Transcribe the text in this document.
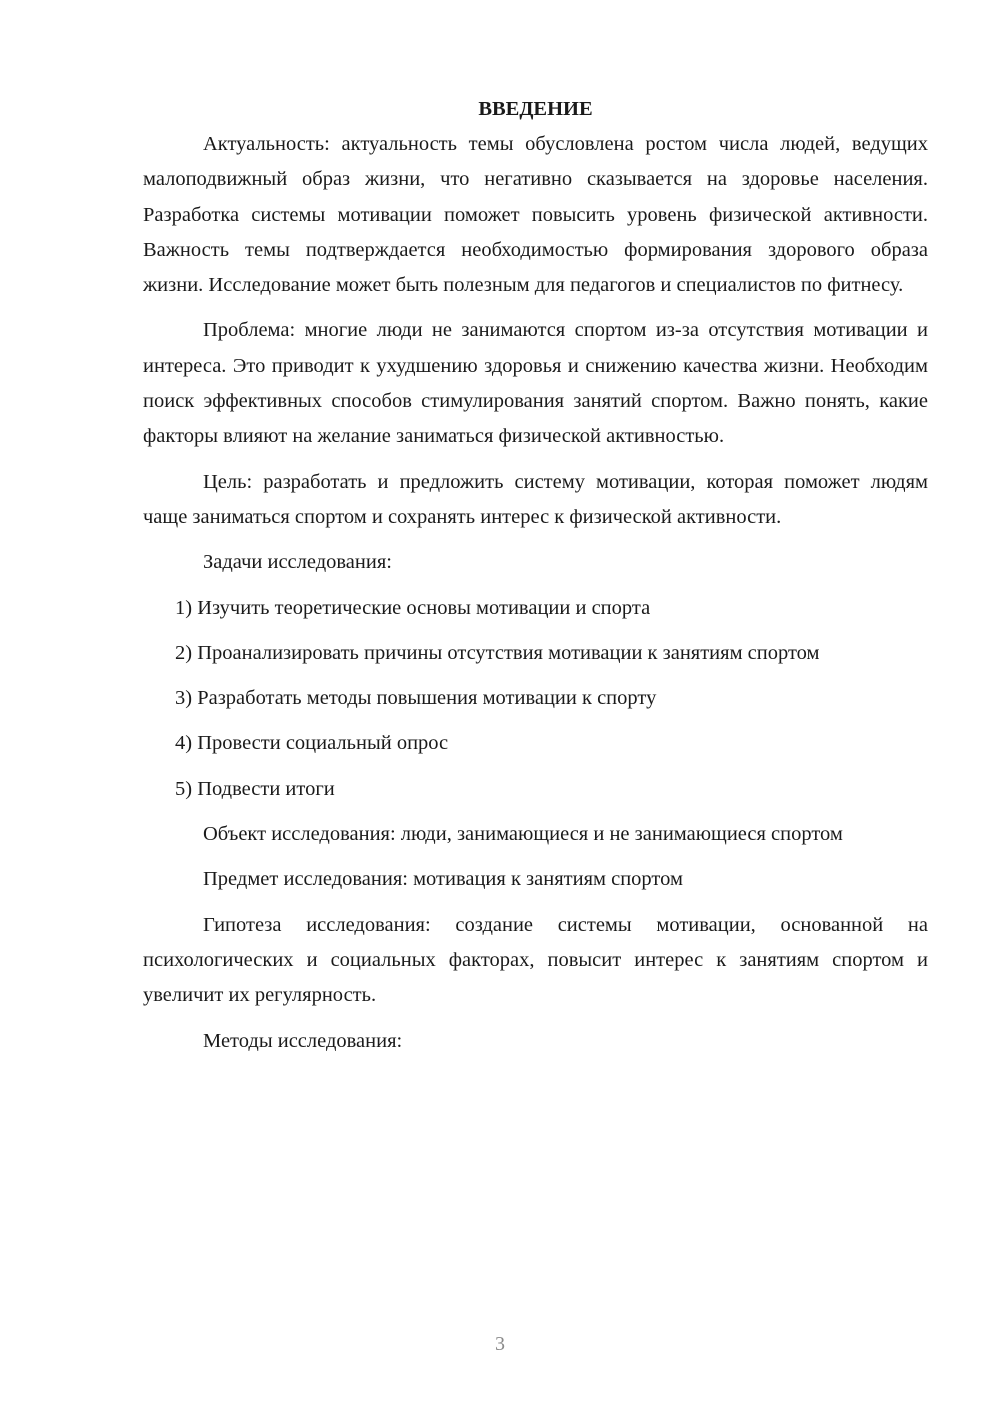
ВВЕДЕНИЕ

Актуальность: актуальность темы обусловлена ростом числа людей, ведущих малоподвижный образ жизни, что негативно сказывается на здоровье населения. Разработка системы мотивации поможет повысить уровень физической активности. Важность темы подтверждается необходимостью формирования здорового образа жизни. Исследование может быть полезным для педагогов и специалистов по фитнесу.

Проблема: многие люди не занимаются спортом из-за отсутствия мотивации и интереса. Это приводит к ухудшению здоровья и снижению качества жизни. Необходим поиск эффективных способов стимулирования занятий спортом. Важно понять, какие факторы влияют на желание заниматься физической активностью.

Цель: разработать и предложить систему мотивации, которая поможет людям чаще заниматься спортом и сохранять интерес к физической активности.

Задачи исследования:

1) Изучить теоретические основы мотивации и спорта

2) Проанализировать причины отсутствия мотивации к занятиям спортом

3) Разработать методы повышения мотивации к спорту

4) Провести социальный опрос

5) Подвести итоги

Объект исследования: люди, занимающиеся и не занимающиеся спортом

Предмет исследования: мотивация к занятиям спортом

Гипотеза исследования: создание системы мотивации, основанной на психологических и социальных факторах, повысит интерес к занятиям спортом и увеличит их регулярность.

Методы исследования:

3
